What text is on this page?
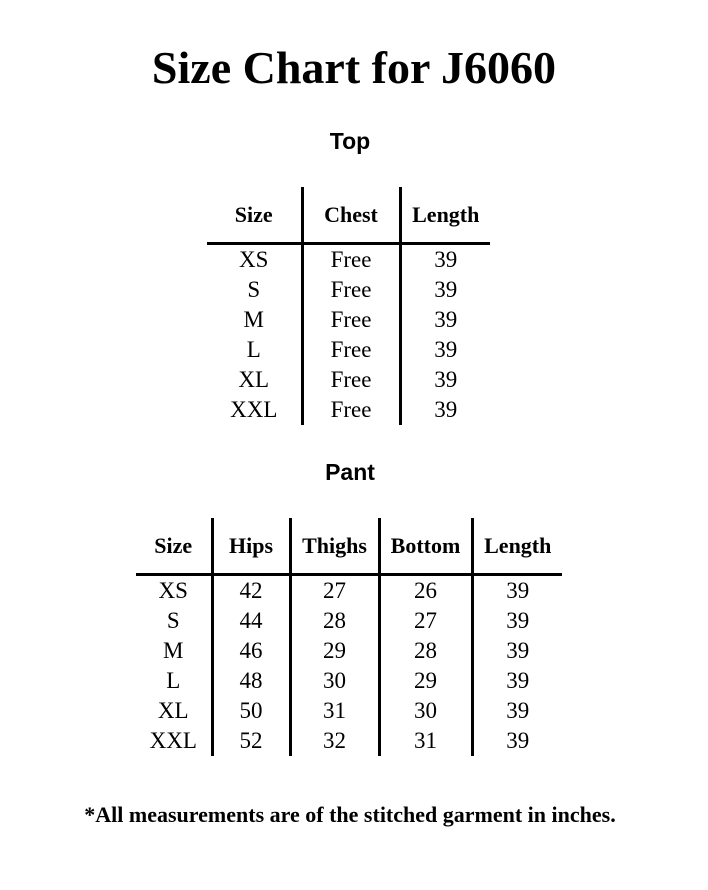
Size Chart for J6060
Top
Size	Chest	Length
XS	Free	39
S	Free	39
M	Free	39
L	Free	39
XL	Free	39
XXL	Free	39
Pant
Size	Hips	Thighs	Bottom	Length
XS	42	27	26	39
S	44	28	27	39
M	46	29	28	39
L	48	30	29	39
XL	50	31	30	39
XXL	52	32	31	39
*All measurements are of the stitched garment in inches.
